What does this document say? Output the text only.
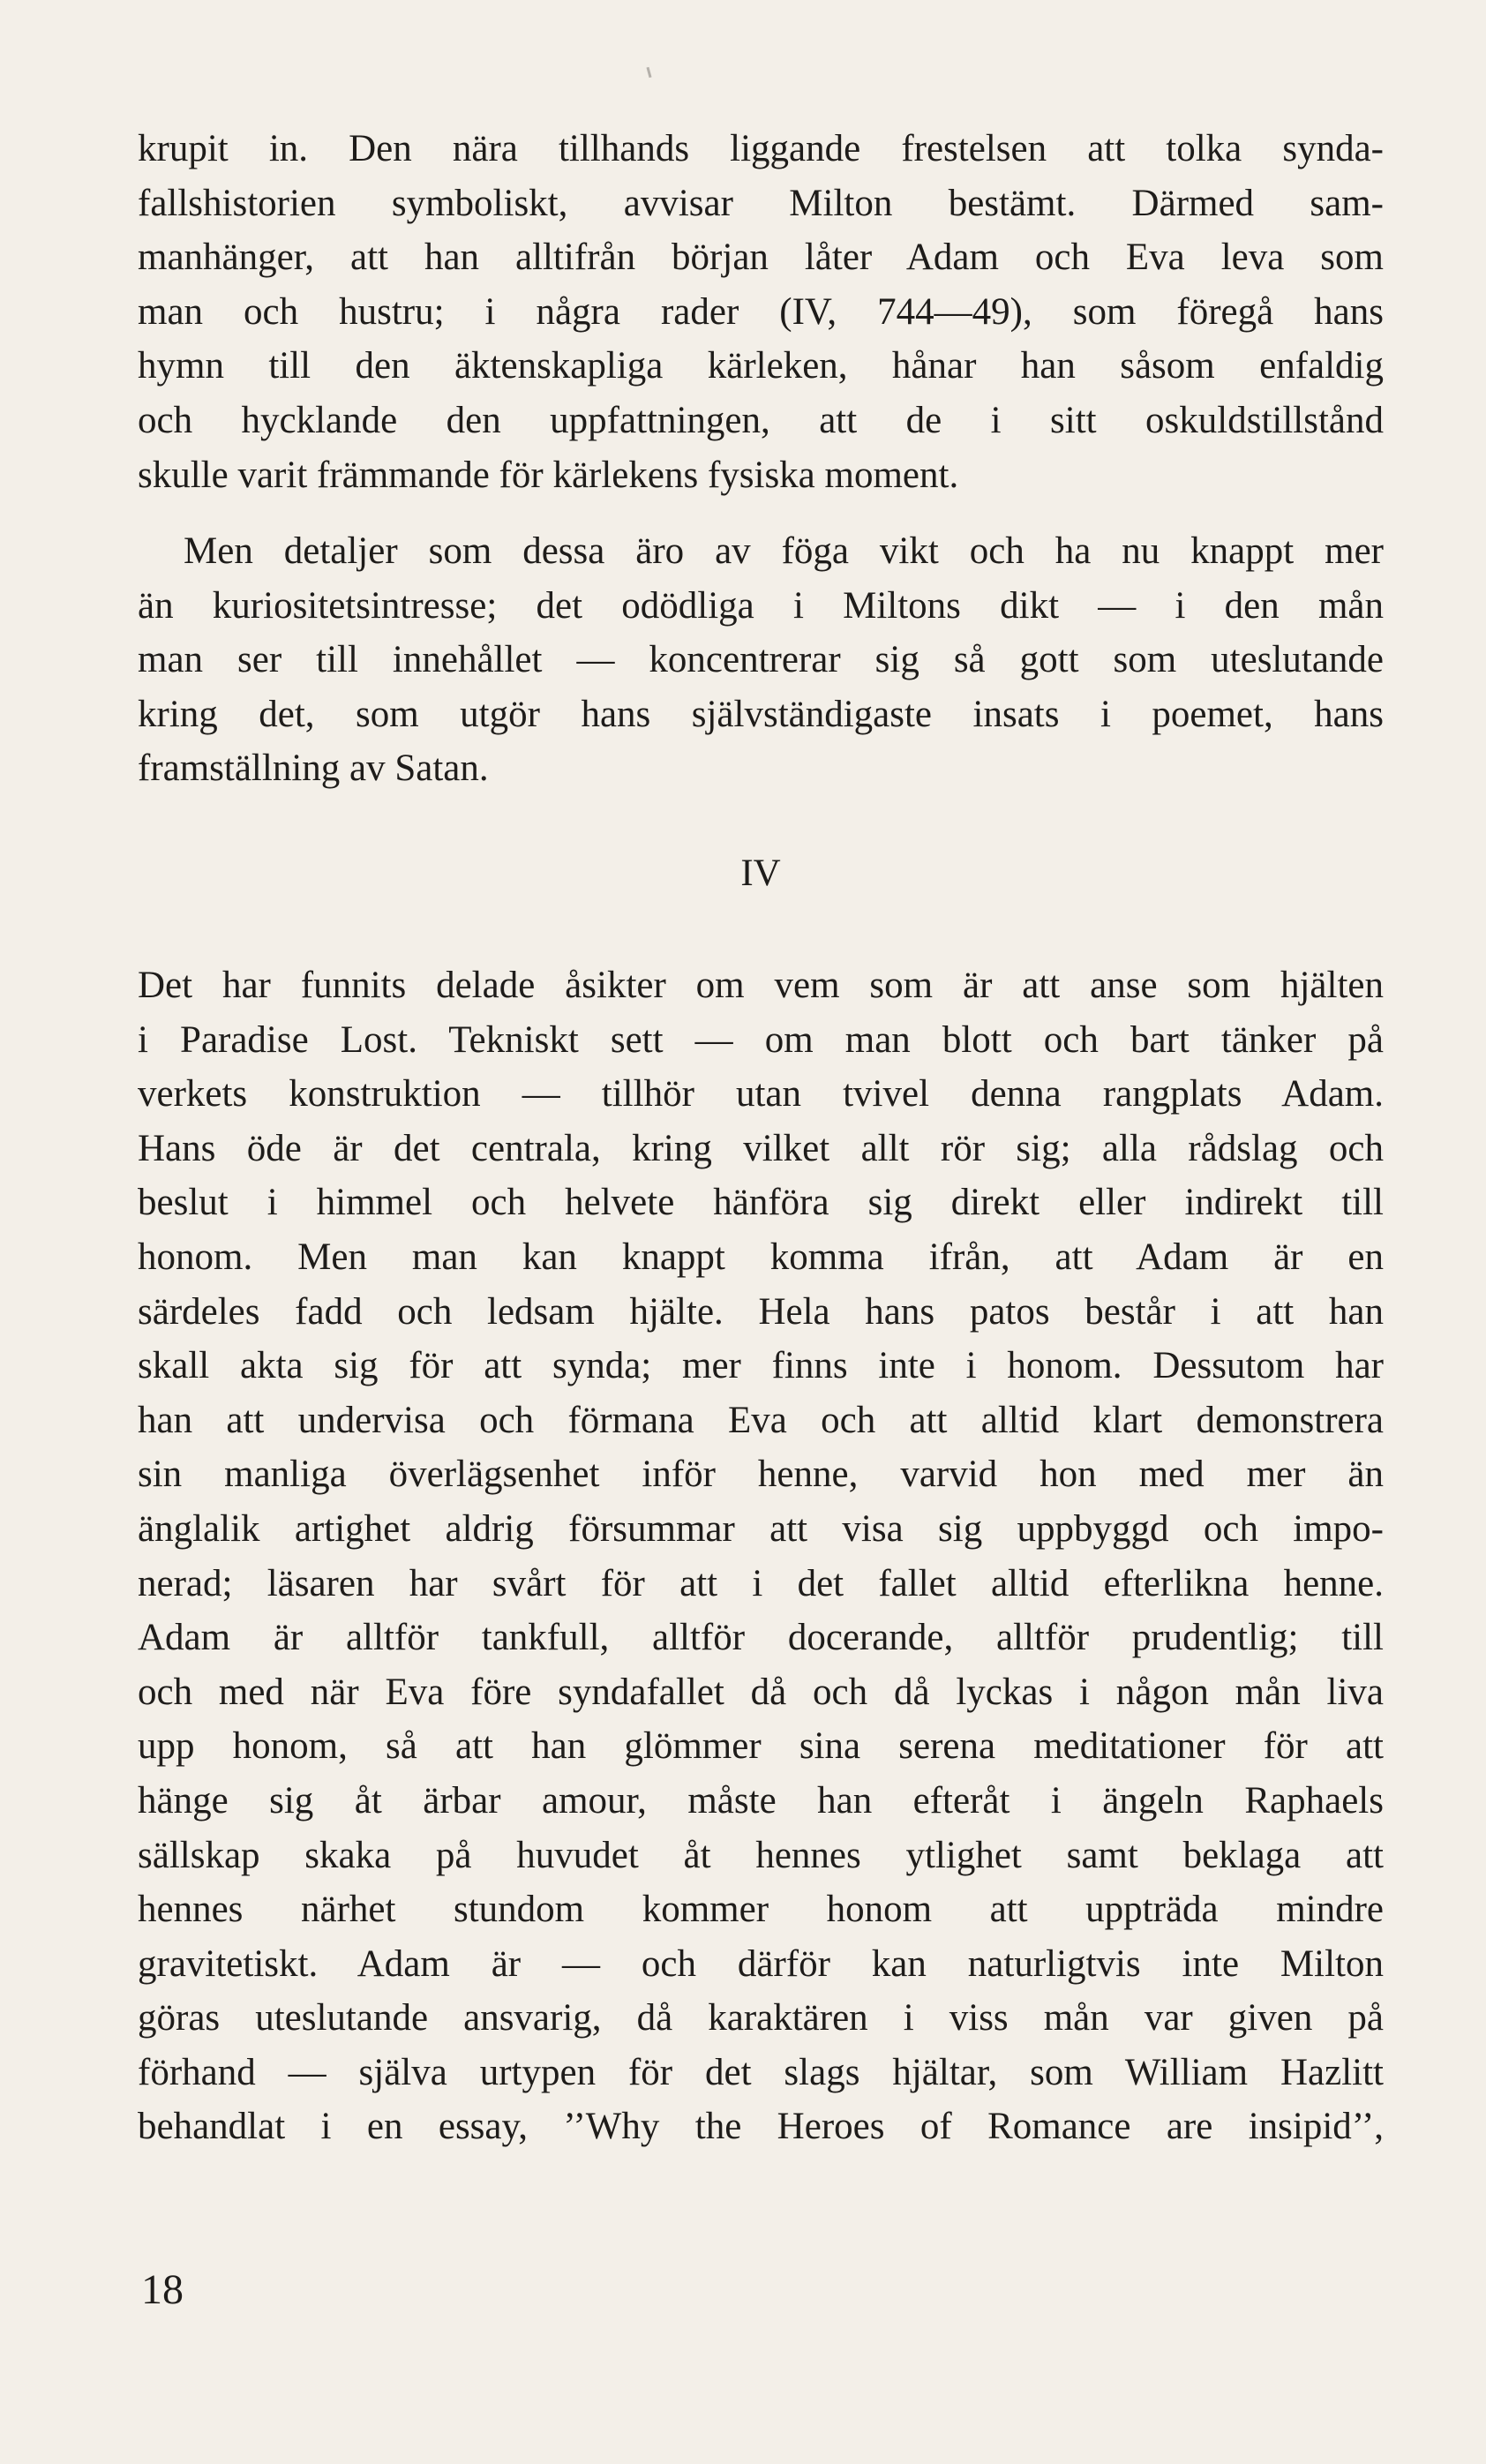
krupit in. Den nära tillhands liggande frestelsen att tolka synda-
fallshistorien symboliskt, avvisar Milton bestämt. Därmed sam-
manhänger, att han alltifrån början låter Adam och Eva leva som
man och hustru; i några rader (IV, 744—49), som föregå hans
hymn till den äktenskapliga kärleken, hånar han såsom enfaldig
och hycklande den uppfattningen, att de i sitt oskuldstillstånd
skulle varit främmande för kärlekens fysiska moment.
Men detaljer som dessa äro av föga vikt och ha nu knappt mer
än kuriositetsintresse; det odödliga i Miltons dikt — i den mån
man ser till innehållet — koncentrerar sig så gott som uteslutande
kring det, som utgör hans självständigaste insats i poemet, hans
framställning av Satan.
IV
Det har funnits delade åsikter om vem som är att anse som hjälten
i Paradise Lost. Tekniskt sett — om man blott och bart tänker på
verkets konstruktion — tillhör utan tvivel denna rangplats Adam.
Hans öde är det centrala, kring vilket allt rör sig; alla rådslag och
beslut i himmel och helvete hänföra sig direkt eller indirekt till
honom. Men man kan knappt komma ifrån, att Adam är en
särdeles fadd och ledsam hjälte. Hela hans patos består i att han
skall akta sig för att synda; mer finns inte i honom. Dessutom har
han att undervisa och förmana Eva och att alltid klart demonstrera
sin manliga överlägsenhet inför henne, varvid hon med mer än
änglalik artighet aldrig försummar att visa sig uppbyggd och impo-
nerad; läsaren har svårt för att i det fallet alltid efterlikna henne.
Adam är alltför tankfull, alltför docerande, alltför prudentlig; till
och med när Eva före syndafallet då och då lyckas i någon mån liva
upp honom, så att han glömmer sina serena meditationer för att
hänge sig åt ärbar amour, måste han efteråt i ängeln Raphaels
sällskap skaka på huvudet åt hennes ytlighet samt beklaga att
hennes närhet stundom kommer honom att uppträda mindre
gravitetiskt. Adam är — och därför kan naturligtvis inte Milton
göras uteslutande ansvarig, då karaktären i viss mån var given på
förhand — själva urtypen för det slags hjältar, som William Hazlitt
behandlat i en essay, ’’Why the Heroes of Romance are insipid’’,
18
